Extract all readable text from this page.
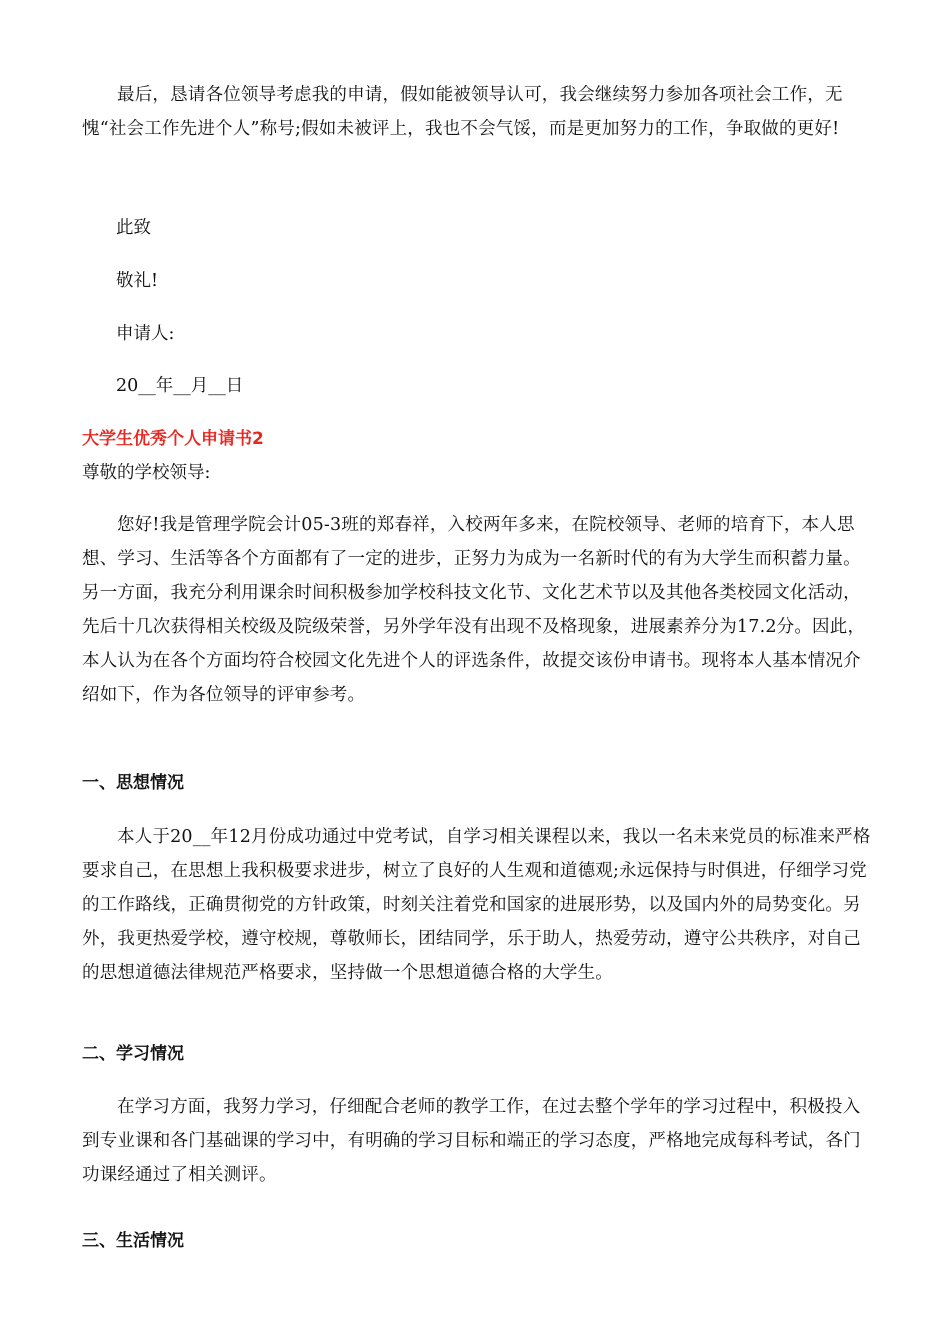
最后，恳请各位领导考虑我的申请，假如能被领导认可，我会继续努力参加各项社会工作，无愧“社会工作先进个人”称号;假如未被评上，我也不会气馁，而是更加努力的工作，争取做的更好!

此致

敬礼!

申请人:

20__年__月__日

大学生优秀个人申请书2

尊敬的学校领导:

您好!我是管理学院会计05-3班的郑春祥，入校两年多来，在院校领导、老师的培育下，本人思想、学习、生活等各个方面都有了一定的进步，正努力为成为一名新时代的有为大学生而积蓄力量。另一方面，我充分利用课余时间积极参加学校科技文化节、文化艺术节以及其他各类校园文化活动，先后十几次获得相关校级及院级荣誉，另外学年没有出现不及格现象，进展素养分为17.2分。因此，本人认为在各个方面均符合校园文化先进个人的评选条件，故提交该份申请书。现将本人基本情况介绍如下，作为各位领导的评审参考。

一、思想情况

本人于20__年12月份成功通过中党考试，自学习相关课程以来，我以一名未来党员的标准来严格要求自己，在思想上我积极要求进步，树立了良好的人生观和道德观;永远保持与时俱进，仔细学习党的工作路线，正确贯彻党的方针政策，时刻关注着党和国家的进展形势，以及国内外的局势变化。另外，我更热爱学校，遵守校规，尊敬师长，团结同学，乐于助人，热爱劳动，遵守公共秩序，对自己的思想道德法律规范严格要求，坚持做一个思想道德合格的大学生。

二、学习情况

在学习方面，我努力学习，仔细配合老师的教学工作，在过去整个学年的学习过程中，积极投入到专业课和各门基础课的学习中，有明确的学习目标和端正的学习态度，严格地完成每科考试，各门功课经通过了相关测评。

三、生活情况
